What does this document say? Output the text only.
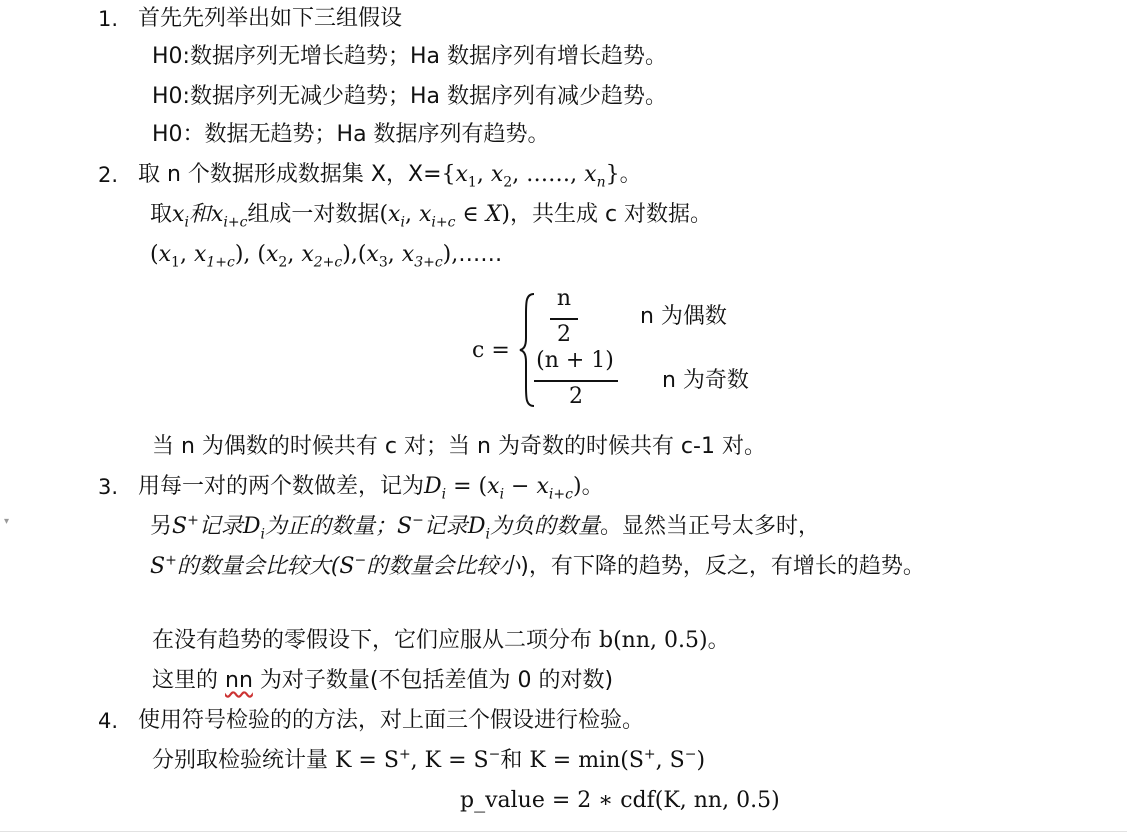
1. 首先先列举出如下三组假设
H0:数据序列无增长趋势；Ha 数据序列有增长趋势。
H0:数据序列无减少趋势；Ha 数据序列有减少趋势。
H0：数据无趋势；Ha 数据序列有趋势。
2. 取 n 个数据形成数据集 X，$X=\{x_1$, $x_2$, ……, $x_n$}。
取$x_i$和$x_{i+c}$组成一对数据($x_i$, $x_{i+c}$ ∈ X)，共生成 c 对数据。
($x_1$, $x_{1+c}$), ($x_2$, $x_{2+c}),(x_3$, $x_{3+c}),\dots\dots$
c =
n
2
n 为偶数
(n + 1)
2
n 为奇数
当 n 为偶数的时候共有 c 对；当 n 为奇数的时候共有 c-1 对。
3. 用每一对的两个数做差，记为$D_i = (x_i - x_{i+c})$。
另S+记录$D_i$为正的数量；S−记录$D_i$为负的数量。显然当正号太多时，
S+的数量会比较大(S−的数量会比较小)，有下降的趋势，反之，有增长的趋势。
在没有趋势的零假设下，它们应服从二项分布 b(nn, 0.5)。
这里的 nn 为对子数量(不包括差值为 0 的对数)
4. 使用符号检验的的方法，对上面三个假设进行检验。
分别取检验统计量 K = S+, K = S−和 K = min(S+, S−)
p_value = 2 ∗ cdf(K, nn, 0.5)
▾
